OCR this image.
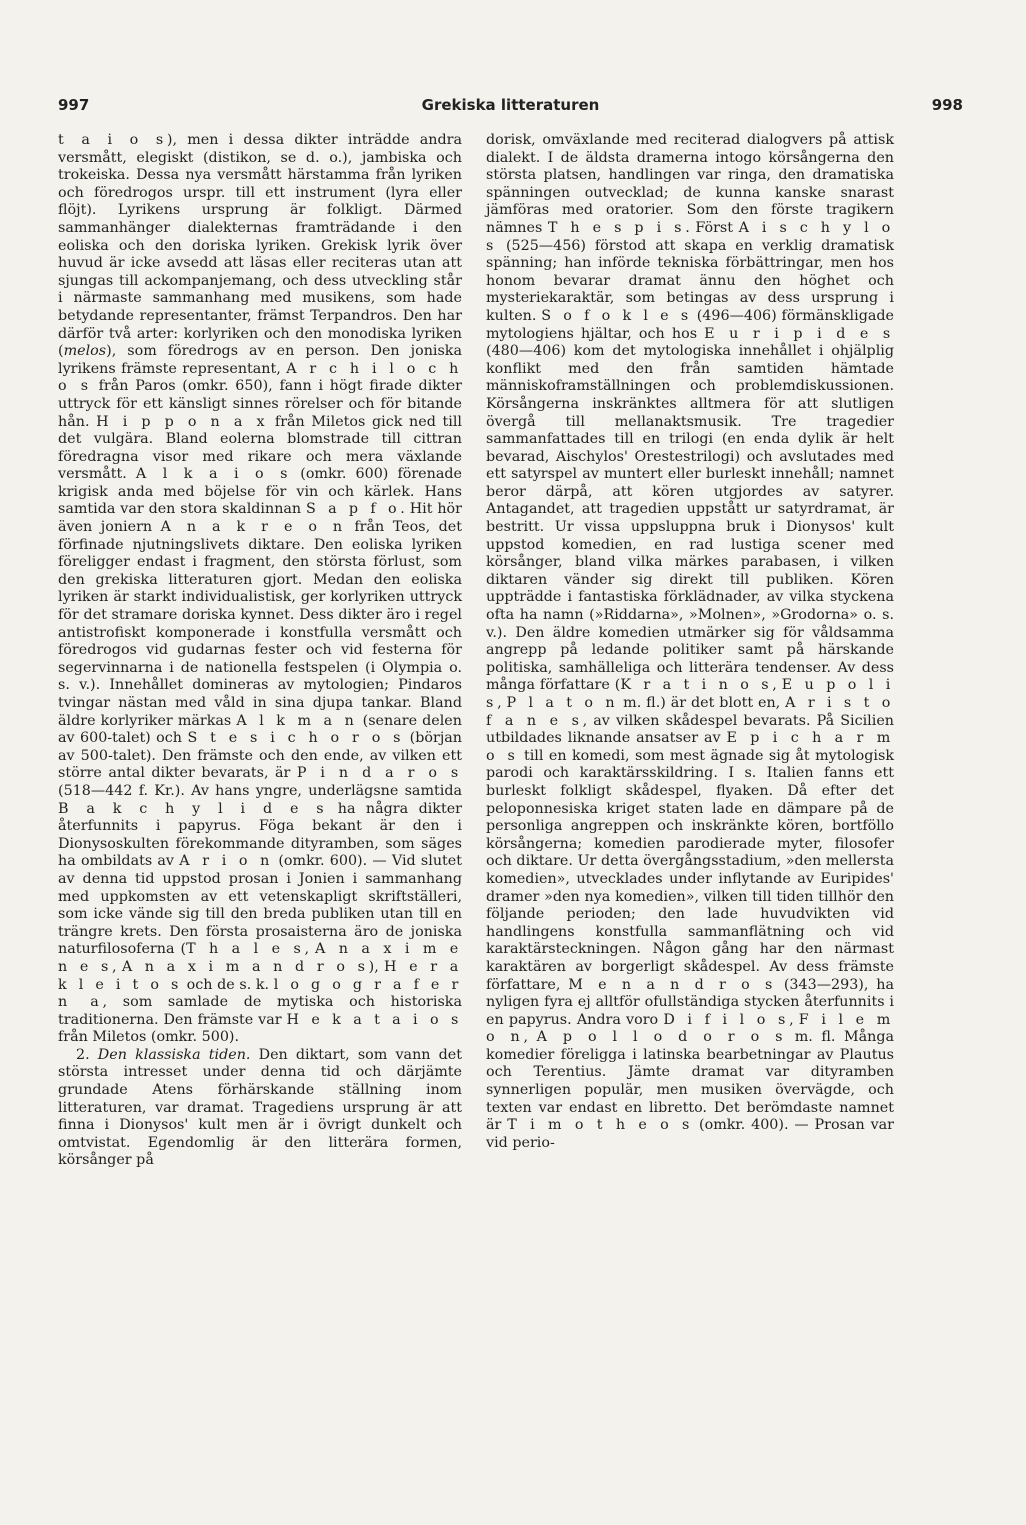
997	Grekiska litteraturen	998

t a i o s), men i dessa dikter inträdde andra versmått, elegiskt (distikon, se d. o.), jambiska och trokeiska. Dessa nya versmått härstamma från lyriken och föredrogos urspr. till ett instrument (lyra eller flöjt). Lyrikens ursprung är folkligt. Därmed sammanhänger dialekternas framträdande i den eoliska och den doriska lyriken. Grekisk lyrik över huvud är icke avsedd att läsas eller reciteras utan att sjungas till ackompanjemang, och dess utveckling står i närmaste sammanhang med musikens, som hade betydande representanter, främst Terpandros. Den har därför två arter: korlyriken och den monodiska lyriken (melos), som föredrogs av en person. Den joniska lyrikens främste representant, A r c h i l o c h o s från Paros (omkr. 650), fann i högt firade dikter uttryck för ett känsligt sinnes rörelser och för bitande hån. H i p p o n a x från Miletos gick ned till det vulgära. Bland eolerna blomstrade till cittran föredragna visor med rikare och mera växlande versmått. A l k a i o s (omkr. 600) förenade krigisk anda med böjelse för vin och kärlek. Hans samtida var den stora skaldinnan S a p f o. Hit hör även joniern A n a k r e o n från Teos, det förfinade njutningslivets diktare. Den eoliska lyriken föreligger endast i fragment, den största förlust, som den grekiska litteraturen gjort. Medan den eoliska lyriken är starkt individualistisk, ger korlyriken uttryck för det stramare doriska kynnet. Dess dikter äro i regel antistrofiskt komponerade i konstfulla versmått och föredrogos vid gudarnas fester och vid festerna för segervinnarna i de nationella festspelen (i Olympia o. s. v.). Innehållet domineras av mytologien; Pindaros tvingar nästan med våld in sina djupa tankar. Bland äldre korlyriker märkas A l k m a n (senare delen av 600-talet) och S t e s i c h o r o s (början av 500-talet). Den främste och den ende, av vilken ett större antal dikter bevarats, är P i n d a r o s (518—442 f. Kr.). Av hans yngre, underlägsne samtida B a k c h y l i d e s ha några dikter återfunnits i papyrus. Föga bekant är den i Dionysoskulten förekommande dityramben, som säges ha ombildats av A r i o n (omkr. 600). — Vid slutet av denna tid uppstod prosan i Jonien i sammanhang med uppkomsten av ett vetenskapligt skriftställeri, som icke vände sig till den breda publiken utan till en trängre krets. Den första prosaisterna äro de joniska naturfilosoferna (T h a l e s, A n a x i m e n e s, A n a x i m a n d r o s), H e r a k l e i t o s och de s. k. l o g o g r a f e r n a, som samlade de mytiska och historiska traditionerna. Den främste var H e k a t a i o s från Miletos (omkr. 500).

2. Den klassiska tiden. Den diktart, som vann det största intresset under denna tid och därjämte grundade Atens förhärskande ställning inom litteraturen, var dramat. Tragediens ursprung är att finna i Dionysos' kult men är i övrigt dunkelt och omtvistat. Egendomlig är den litterära formen, körsånger på

dorisk, omväxlande med reciterad dialogvers på attisk dialekt. I de äldsta dramerna intogo körsångerna den största platsen, handlingen var ringa, den dramatiska spänningen outvecklad; de kunna kanske snarast jämföras med oratorier. Som den förste tragikern nämnes T h e s p i s. Först A i s c h y l o s (525—456) förstod att skapa en verklig dramatisk spänning; han införde tekniska förbättringar, men hos honom bevarar dramat ännu den höghet och mysteriekaraktär, som betingas av dess ursprung i kulten. S o f o k l e s (496—406) förmänskligade mytologiens hjältar, och hos E u r i p i d e s (480—406) kom det mytologiska innehållet i ohjälplig konflikt med den från samtiden hämtade människoframställningen och problemdiskussionen. Körsångerna inskränktes alltmera för att slutligen övergå till mellanaktsmusik. Tre tragedier sammanfattades till en trilogi (en enda dylik är helt bevarad, Aischylos' Orestestrilogi) och avslutades med ett satyrspel av muntert eller burleskt innehåll; namnet beror därpå, att kören utgjordes av satyrer. Antagandet, att tragedien uppstått ur satyrdramat, är bestritt. Ur vissa uppsluppna bruk i Dionysos' kult uppstod komedien, en rad lustiga scener med körsånger, bland vilka märkes parabasen, i vilken diktaren vänder sig direkt till publiken. Kören uppträdde i fantastiska förklädnader, av vilka styckena ofta ha namn (»Riddarna», »Molnen», »Grodorna» o. s. v.). Den äldre komedien utmärker sig för våldsamma angrepp på ledande politiker samt på härskande politiska, samhälleliga och litterära tendenser. Av dess många författare (K r a t i n o s, E u p o l i s, P l a t o n m. fl.) är det blott en, A r i s t o f a n e s, av vilken skådespel bevarats. På Sicilien utbildades liknande ansatser av E p i c h a r m o s till en komedi, som mest ägnade sig åt mytologisk parodi och karaktärsskildring. I s. Italien fanns ett burleskt folkligt skådespel, flyaken. Då efter det peloponnesiska kriget staten lade en dämpare på de personliga angreppen och inskränkte kören, bortföllo körsångerna; komedien parodierade myter, filosofer och diktare. Ur detta övergångsstadium, »den mellersta komedien», utvecklades under inflytande av Euripides' dramer »den nya komedien», vilken till tiden tillhör den följande perioden; den lade huvudvikten vid handlingens konstfulla sammanflätning och vid karaktärsteckningen. Någon gång har den närmast karaktären av borgerligt skådespel. Av dess främste författare, M e n a n d r o s (343—293), ha nyligen fyra ej alltför ofullständiga stycken återfunnits i en papyrus. Andra voro D i f i l o s, F i l e m o n, A p o l l o d o r o s m. fl. Många komedier föreligga i latinska bearbetningar av Plautus och Terentius. Jämte dramat var dityramben synnerligen populär, men musiken övervägde, och texten var endast en libretto. Det berömdaste namnet är T i m o t h e o s (omkr. 400). — Prosan var vid perio-
